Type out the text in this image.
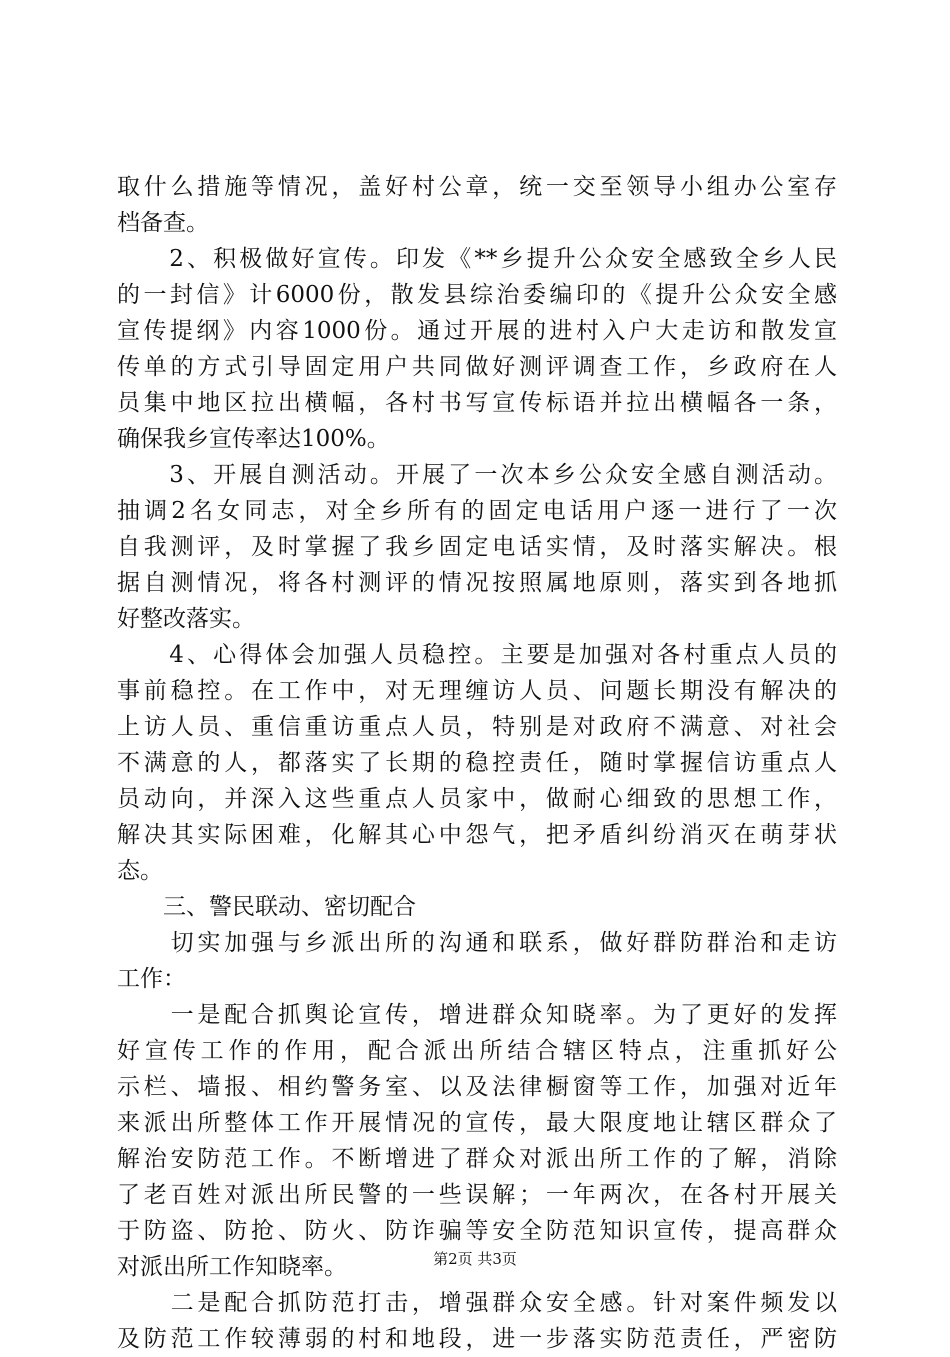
取什么措施等情况，盖好村公章，统一交至领导小组办公室存
档备查。
　　2、积极做好宣传。印发《**乡提升公众安全感致全乡人民
的一封信》计6000份，散发县综治委编印的《提升公众安全感
宣传提纲》内容1000份。通过开展的进村入户大走访和散发宣
传单的方式引导固定用户共同做好测评调查工作，乡政府在人
员集中地区拉出横幅，各村书写宣传标语并拉出横幅各一条，
确保我乡宣传率达100%。
　　3、开展自测活动。开展了一次本乡公众安全感自测活动。
抽调2名女同志，对全乡所有的固定电话用户逐一进行了一次
自我测评，及时掌握了我乡固定电话实情，及时落实解决。根
据自测情况，将各村测评的情况按照属地原则，落实到各地抓
好整改落实。
　　4、心得体会加强人员稳控。主要是加强对各村重点人员的
事前稳控。在工作中，对无理缠访人员、问题长期没有解决的
上访人员、重信重访重点人员，特别是对政府不满意、对社会
不满意的人，都落实了长期的稳控责任，随时掌握信访重点人
员动向，并深入这些重点人员家中，做耐心细致的思想工作，
解决其实际困难，化解其心中怨气，把矛盾纠纷消灭在萌芽状
态。
　　三、警民联动、密切配合
　　切实加强与乡派出所的沟通和联系，做好群防群治和走访
工作：
　　一是配合抓舆论宣传，增进群众知晓率。为了更好的发挥
好宣传工作的作用，配合派出所结合辖区特点，注重抓好公
示栏、墙报、相约警务室、以及法律橱窗等工作，加强对近年
来派出所整体工作开展情况的宣传，最大限度地让辖区群众了
解治安防范工作。不断增进了群众对派出所工作的了解，消除
了老百姓对派出所民警的一些误解；一年两次，在各村开展关
于防盗、防抢、防火、防诈骗等安全防范知识宣传，提高群众
对派出所工作知晓率。
　　二是配合抓防范打击，增强群众安全感。针对案件频发以
及防范工作较薄弱的村和地段，进一步落实防范责任，严密防
第2页 共3页
